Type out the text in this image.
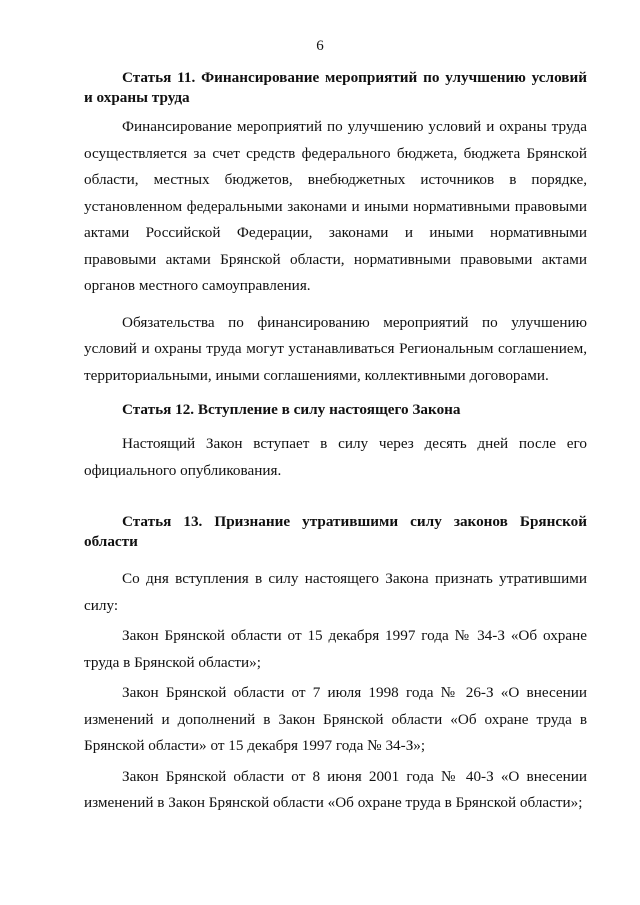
6

Статья 11. Финансирование мероприятий по улучшению условий и охраны труда

Финансирование мероприятий по улучшению условий и охраны труда осуществляется за счет средств федерального бюджета, бюджета Брянской области, местных бюджетов, внебюджетных источников в порядке, установленном федеральными законами и иными нормативными правовыми актами Российской Федерации, законами и иными нормативными правовыми актами Брянской области, нормативными правовыми актами органов местного самоуправления.

Обязательства по финансированию мероприятий по улучшению условий и охраны труда могут устанавливаться Региональным соглашением, территориальными, иными соглашениями, коллективными договорами.

Статья 12. Вступление в силу настоящего Закона

Настоящий Закон вступает в силу через десять дней после его официального опубликования.

Статья 13. Признание утратившими силу законов Брянской области

Со дня вступления в силу настоящего Закона признать утратившими силу:

Закон Брянской области от 15 декабря 1997 года № 34-З «Об охране труда в Брянской области»;

Закон Брянской области от 7 июля 1998 года № 26-З «О внесении изменений и дополнений в Закон Брянской области «Об охране труда в Брянской области» от 15 декабря 1997 года № 34-З»;

Закон Брянской области от 8 июня 2001 года № 40-З «О внесении изменений в Закон Брянской области «Об охране труда в Брянской области»;
